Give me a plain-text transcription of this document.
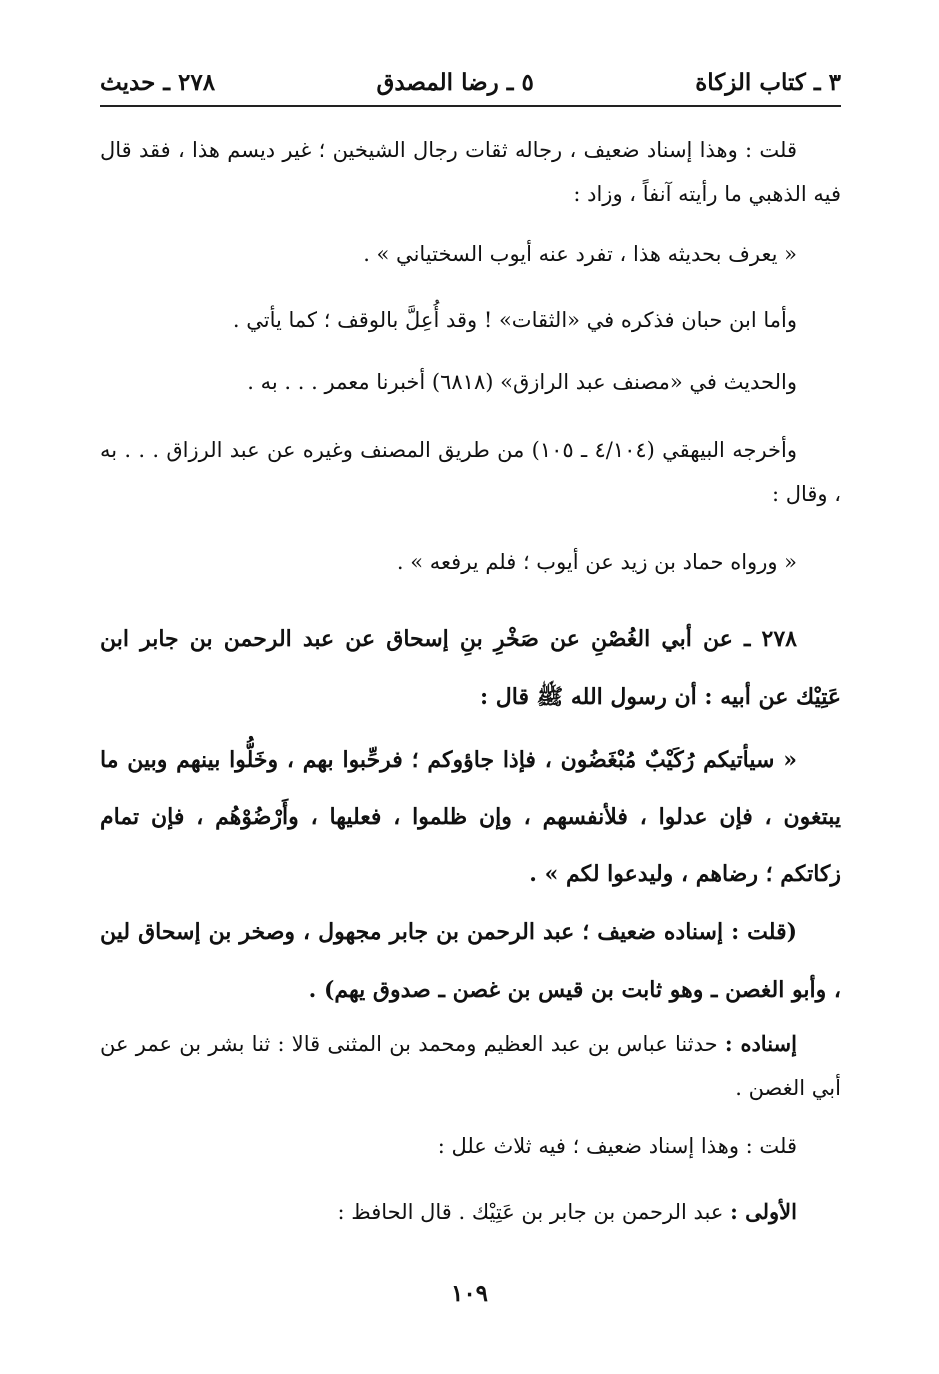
٣ ـ كتاب الزكاة
٥ ـ رضا المصدق
٢٧٨ ـ حديث

قلت : وهذا إسناد ضعيف ، رجاله ثقات رجال الشيخين ؛ غير ديسم هذا ، فقد قال فيه الذهبي ما رأيته آنفاً ، وزاد :

« يعرف بحديثه هذا ، تفرد عنه أيوب السختياني » .

وأما ابن حبان فذكره في «الثقات» ! وقد أُعِلَّ بالوقف ؛ كما يأتي .

والحديث في «مصنف عبد الرازق» (٦٨١٨) أخبرنا معمر . . . به .

وأخرجه البيهقي (٤/١٠٤ ـ ١٠٥) من طريق المصنف وغيره عن عبد الرزاق . . . به ، وقال :

« ورواه حماد بن زيد عن أيوب ؛ فلم يرفعه » .

٢٧٨ ـ عن أبي الغُصْنِ عن صَخْرِ بنِ إسحاق عن عبد الرحمن بن جابر ابن عَتِيْك عن أبيه : أن رسول الله ﷺ قال :

« سيأتيكم رُكَيْبٌ مُبْغَضُون ، فإذا جاؤوكم ؛ فرحِّبوا بهم ، وخَلُّوا بينهم وبين ما يبتغون ، فإن عدلوا ، فلأنفسهم ، وإن ظلموا ، فعليها ، وأَرْضُوْهُم ، فإن تمام زكاتكم ؛ رضاهم ، وليدعوا لكم » .

(قلت : إسناده ضعيف ؛ عبد الرحمن بن جابر مجهول ، وصخر بن إسحاق لين ، وأبو الغصن ـ وهو ثابت بن قيس بن غصن ـ صدوق يهم) .

إسناده : حدثنا عباس بن عبد العظيم ومحمد بن المثنى قالا : ثنا بشر بن عمر عن أبي الغصن .

قلت : وهذا إسناد ضعيف ؛ فيه ثلاث علل :

الأولى : عبد الرحمن بن جابر بن عَتِيْك . قال الحافظ :

١٠٩
